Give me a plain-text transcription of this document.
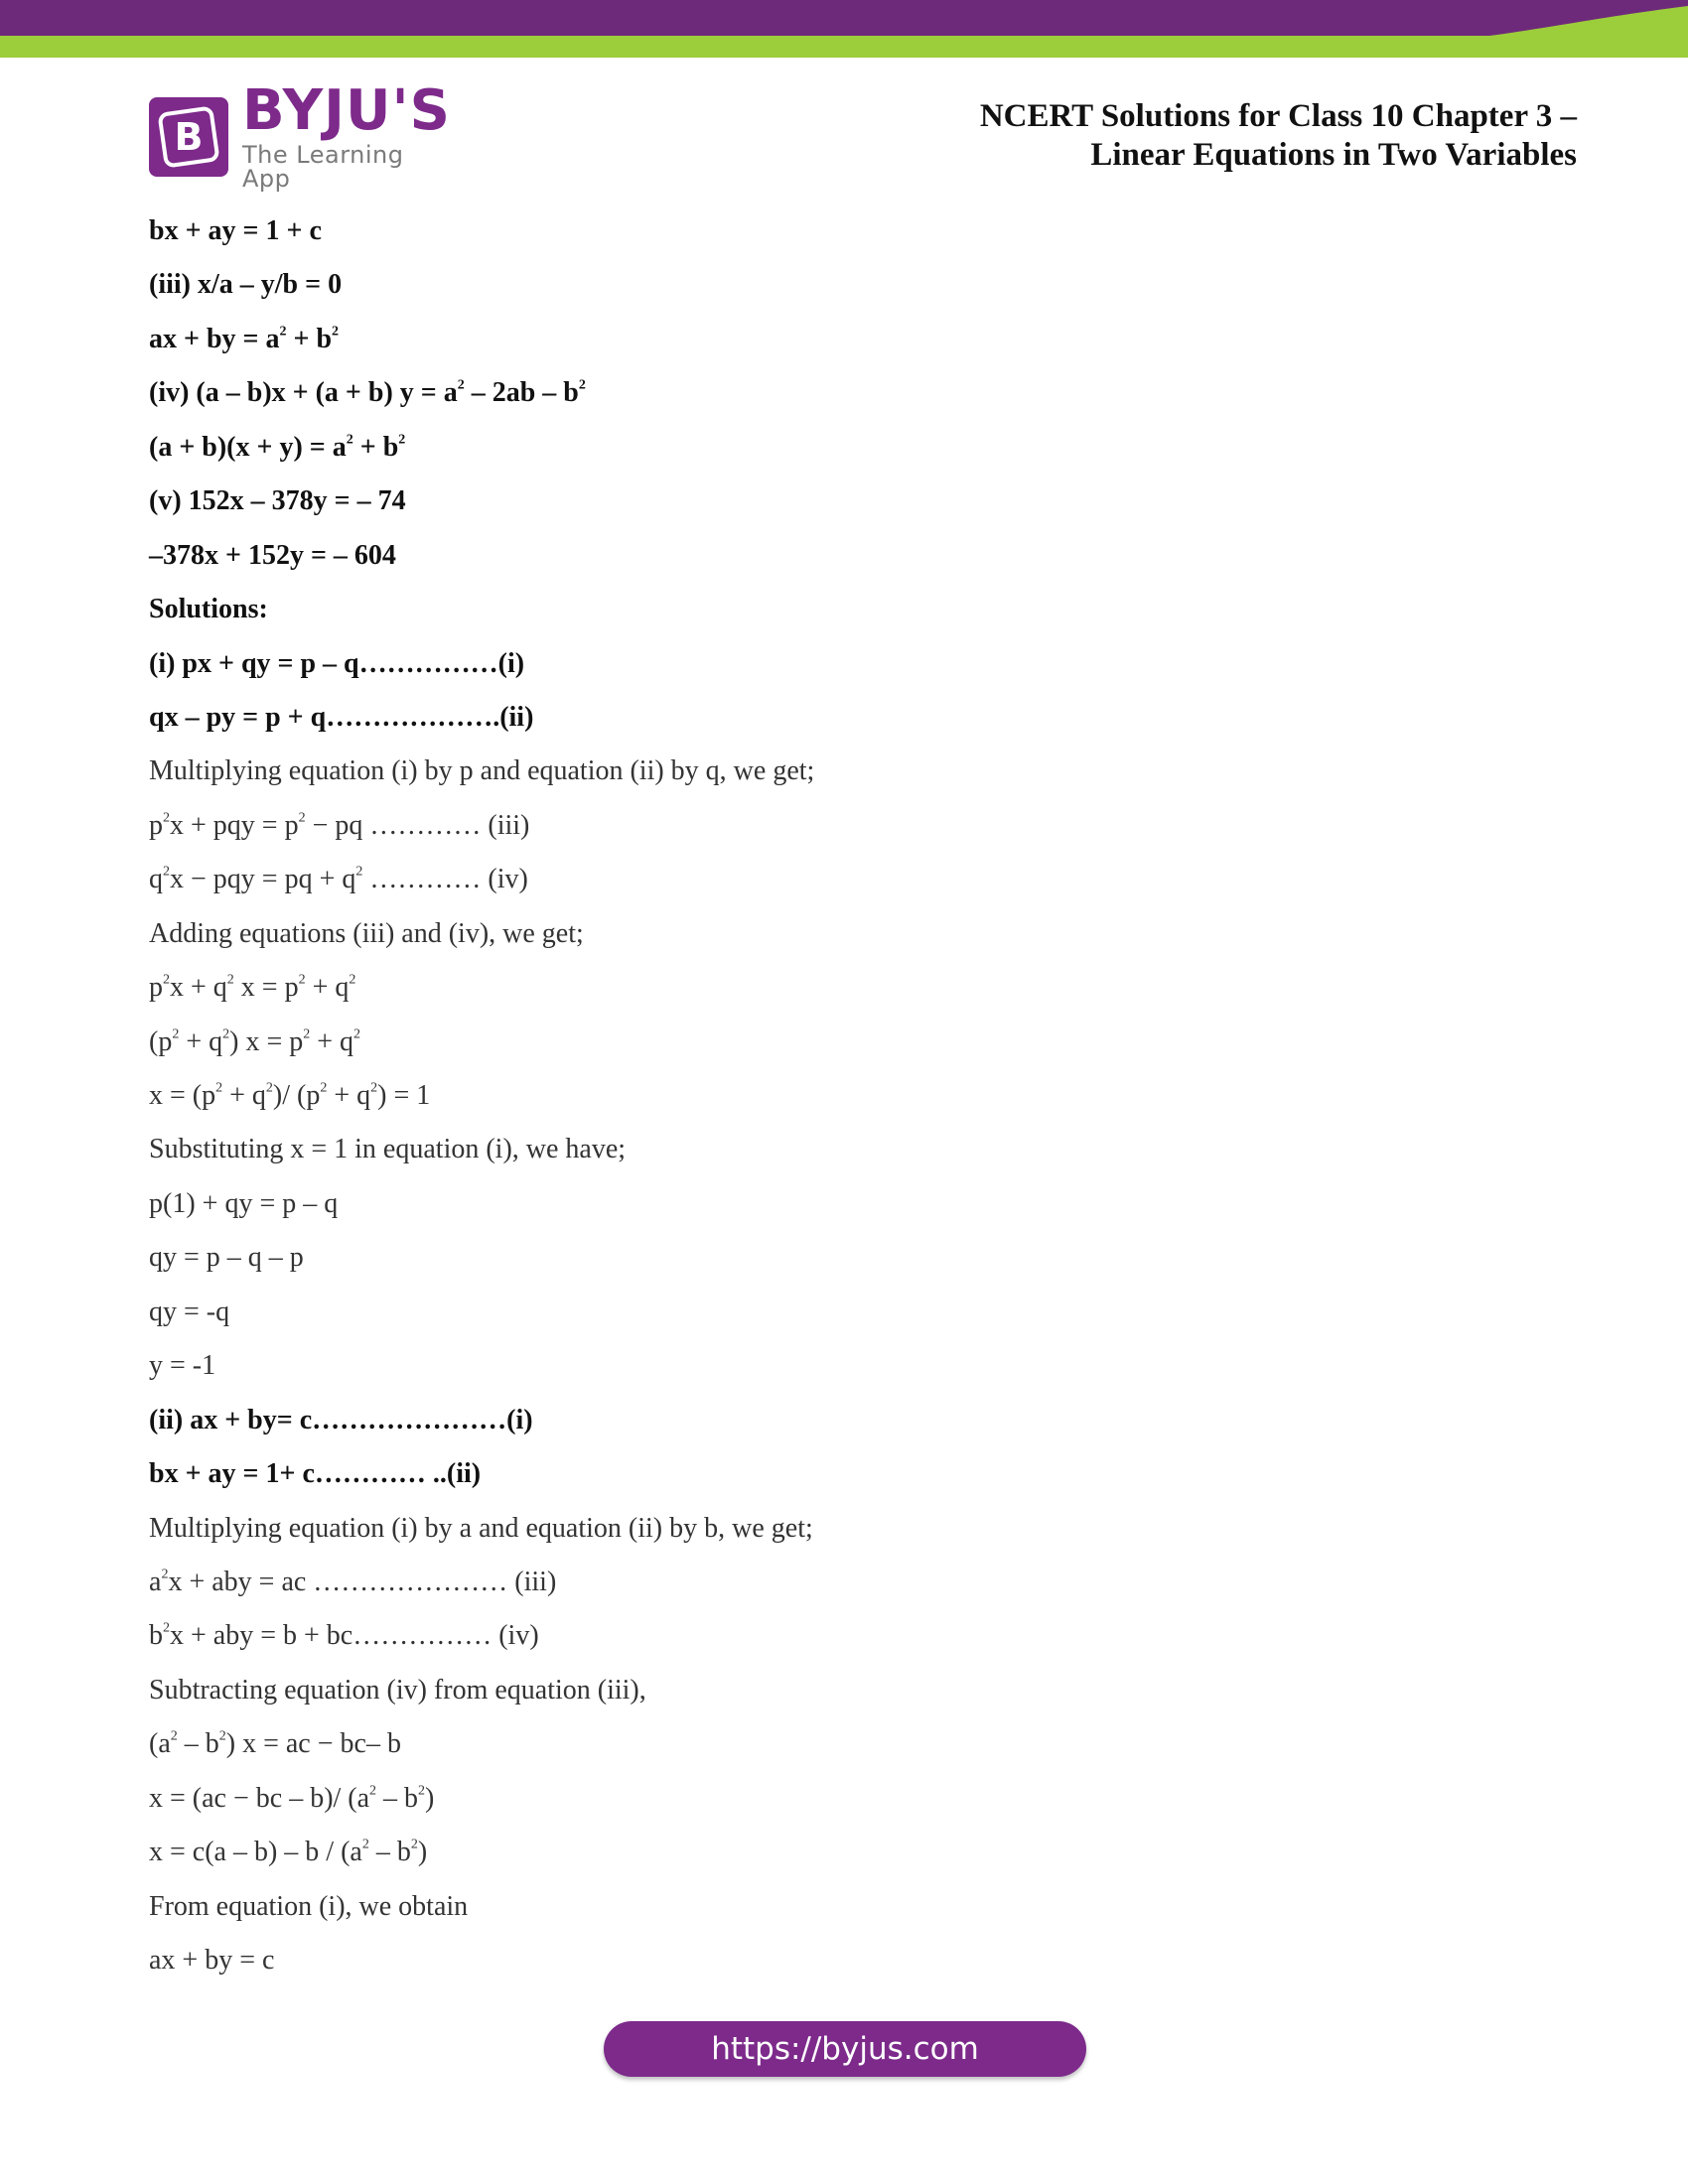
B BYJU'S
The Learning App
NCERT Solutions for Class 10 Chapter 3 –
Linear Equations in Two Variables
bx + ay = 1 + c
(iii) x/a – y/b = 0
ax + by = $a^2 + b^2$
(iv) (a – b)x + (a + b) $y = a^2 - 2ab - b^2$
$(a + b)(x + y) = a^2 + b^2$
(v) 152x – 378y = – 74
–378x + 152y = – 604
Solutions:
(i) px + qy = p – q……………(i)
qx – py = p + q……………….(ii)
Multiplying equation (i) by p and equation (ii) by q, we get;
$p^2x$ + pqy = $p^2$ − pq ………… (iii)
$q^2x$ − pqy = pq + $q^2$ ………… (iv)
Adding equations (iii) and (iv), we get;
$p^2x + q^2$ $x = p^2 + q^2$
$(p^2 + q^2) x = p^2 + q^2$
$x = (p^2 + q^2)/$ $(p^2 + q^2) = 1$
Substituting x = 1 in equation (i), we have;
p(1) + qy = p – q
qy = p – q – p
qy = -q
y = -1
(ii) ax + by= c…………………(i)
bx + ay = 1+ c………… ..(ii)
Multiplying equation (i) by a and equation (ii) by b, we get;
$a^2x$ + aby = ac ………………… (iii)
$b^2x$ + aby = b + bc…………… (iv)
Subtracting equation (iv) from equation (iii),
$(a^2 - b^2) x$ = ac − bc– b
x = (ac − bc – b)/ $(a^2 - b^2)$
$x = c(a - b) - b / (a^2 - b^2)$
From equation (i), we obtain
ax + by = c
https://byjus.com
